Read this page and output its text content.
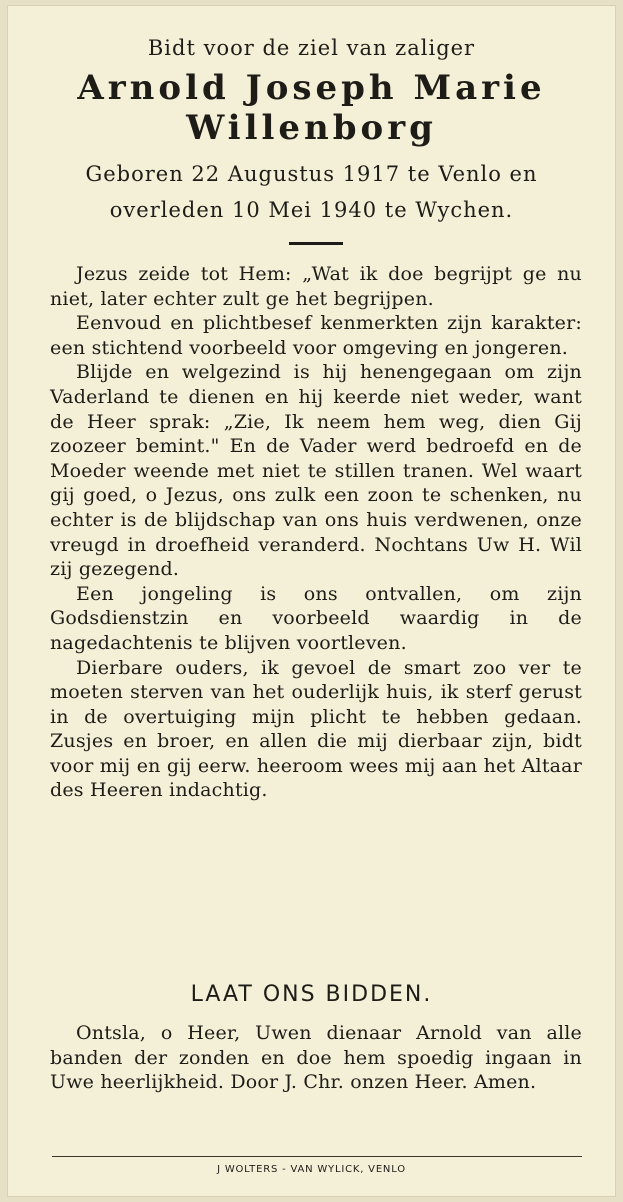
Bidt voor de ziel van zaliger
Arnold Joseph Marie
Willenborg
Geboren 22 Augustus 1917 te Venlo en
overleden 10 Mei 1940 te Wychen.

Jezus zeide tot Hem: „Wat ik doe begrijpt ge nu niet, later echter zult ge het begrijpen.

Eenvoud en plichtbesef kenmerkten zijn karakter: een stichtend voorbeeld voor omgeving en jongeren.

Blijde en welgezind is hij henengegaan om zijn Vaderland te dienen en hij keerde niet weder, want de Heer sprak: „Zie, Ik neem hem weg, dien Gij zoozeer bemint." En de Vader werd bedroefd en de Moeder weende met niet te stillen tranen. Wel waart gij goed, o Jezus, ons zulk een zoon te schenken, nu echter is de blijdschap van ons huis verdwenen, onze vreugd in droefheid veranderd. Nochtans Uw H. Wil zij gezegend.

Een jongeling is ons ontvallen, om zijn Godsdienstzin en voorbeeld waardig in de nagedachtenis te blijven voortleven.

Dierbare ouders, ik gevoel de smart zoo ver te moeten sterven van het ouderlijk huis, ik sterf gerust in de overtuiging mijn plicht te hebben gedaan. Zusjes en broer, en allen die mij dierbaar zijn, bidt voor mij en gij eerw. heeroom wees mij aan het Altaar des Heeren indachtig.

LAAT ONS BIDDEN.

Ontsla, o Heer, Uwen dienaar Arnold van alle banden der zonden en doe hem spoedig ingaan in Uwe heerlijkheid. Door J. Chr. onzen Heer. Amen.

J WOLTERS - VAN WYLICK, VENLO
